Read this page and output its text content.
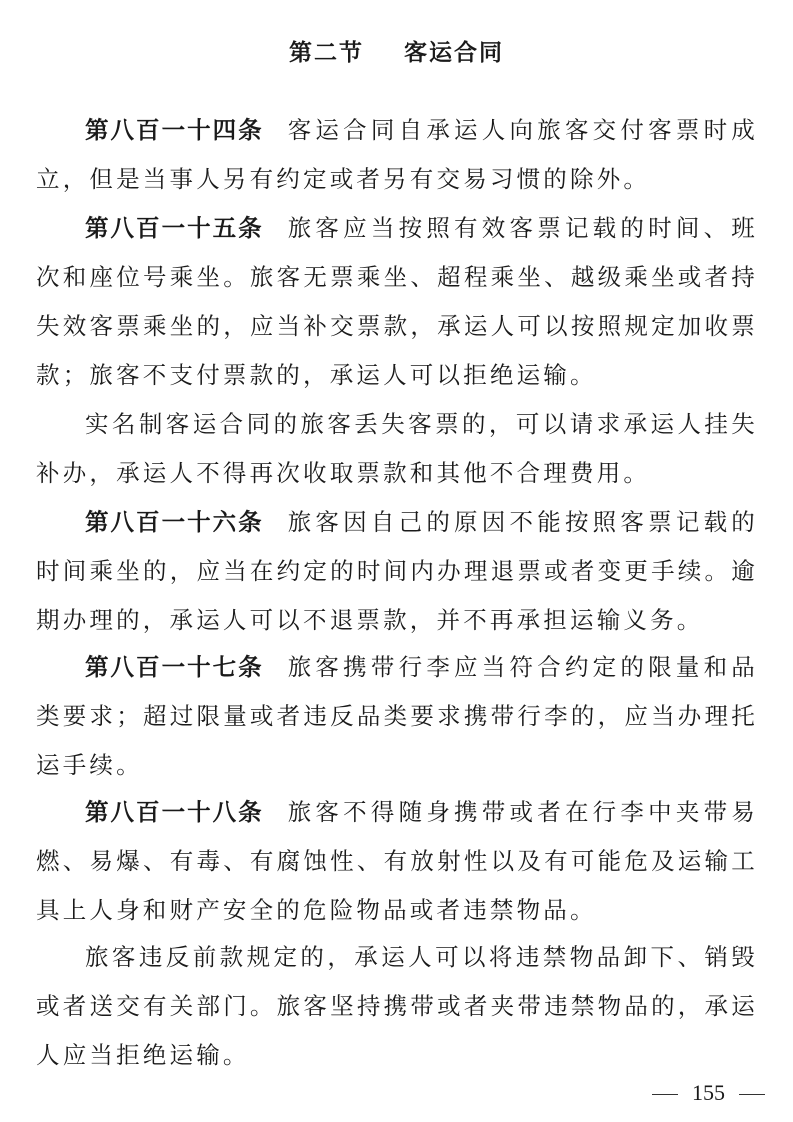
第二节    客运合同

第八百一十四条 客运合同自承运人向旅客交付客票时成立，但是当事人另有约定或者另有交易习惯的除外。

第八百一十五条 旅客应当按照有效客票记载的时间、班次和座位号乘坐。旅客无票乘坐、超程乘坐、越级乘坐或者持失效客票乘坐的，应当补交票款，承运人可以按照规定加收票款；旅客不支付票款的，承运人可以拒绝运输。

实名制客运合同的旅客丢失客票的，可以请求承运人挂失补办，承运人不得再次收取票款和其他不合理费用。

第八百一十六条 旅客因自己的原因不能按照客票记载的时间乘坐的，应当在约定的时间内办理退票或者变更手续。逾期办理的，承运人可以不退票款，并不再承担运输义务。

第八百一十七条 旅客携带行李应当符合约定的限量和品类要求；超过限量或者违反品类要求携带行李的，应当办理托运手续。

第八百一十八条 旅客不得随身携带或者在行李中夹带易燃、易爆、有毒、有腐蚀性、有放射性以及有可能危及运输工具上人身和财产安全的危险物品或者违禁物品。

旅客违反前款规定的，承运人可以将违禁物品卸下、销毁或者送交有关部门。旅客坚持携带或者夹带违禁物品的，承运人应当拒绝运输。

155
